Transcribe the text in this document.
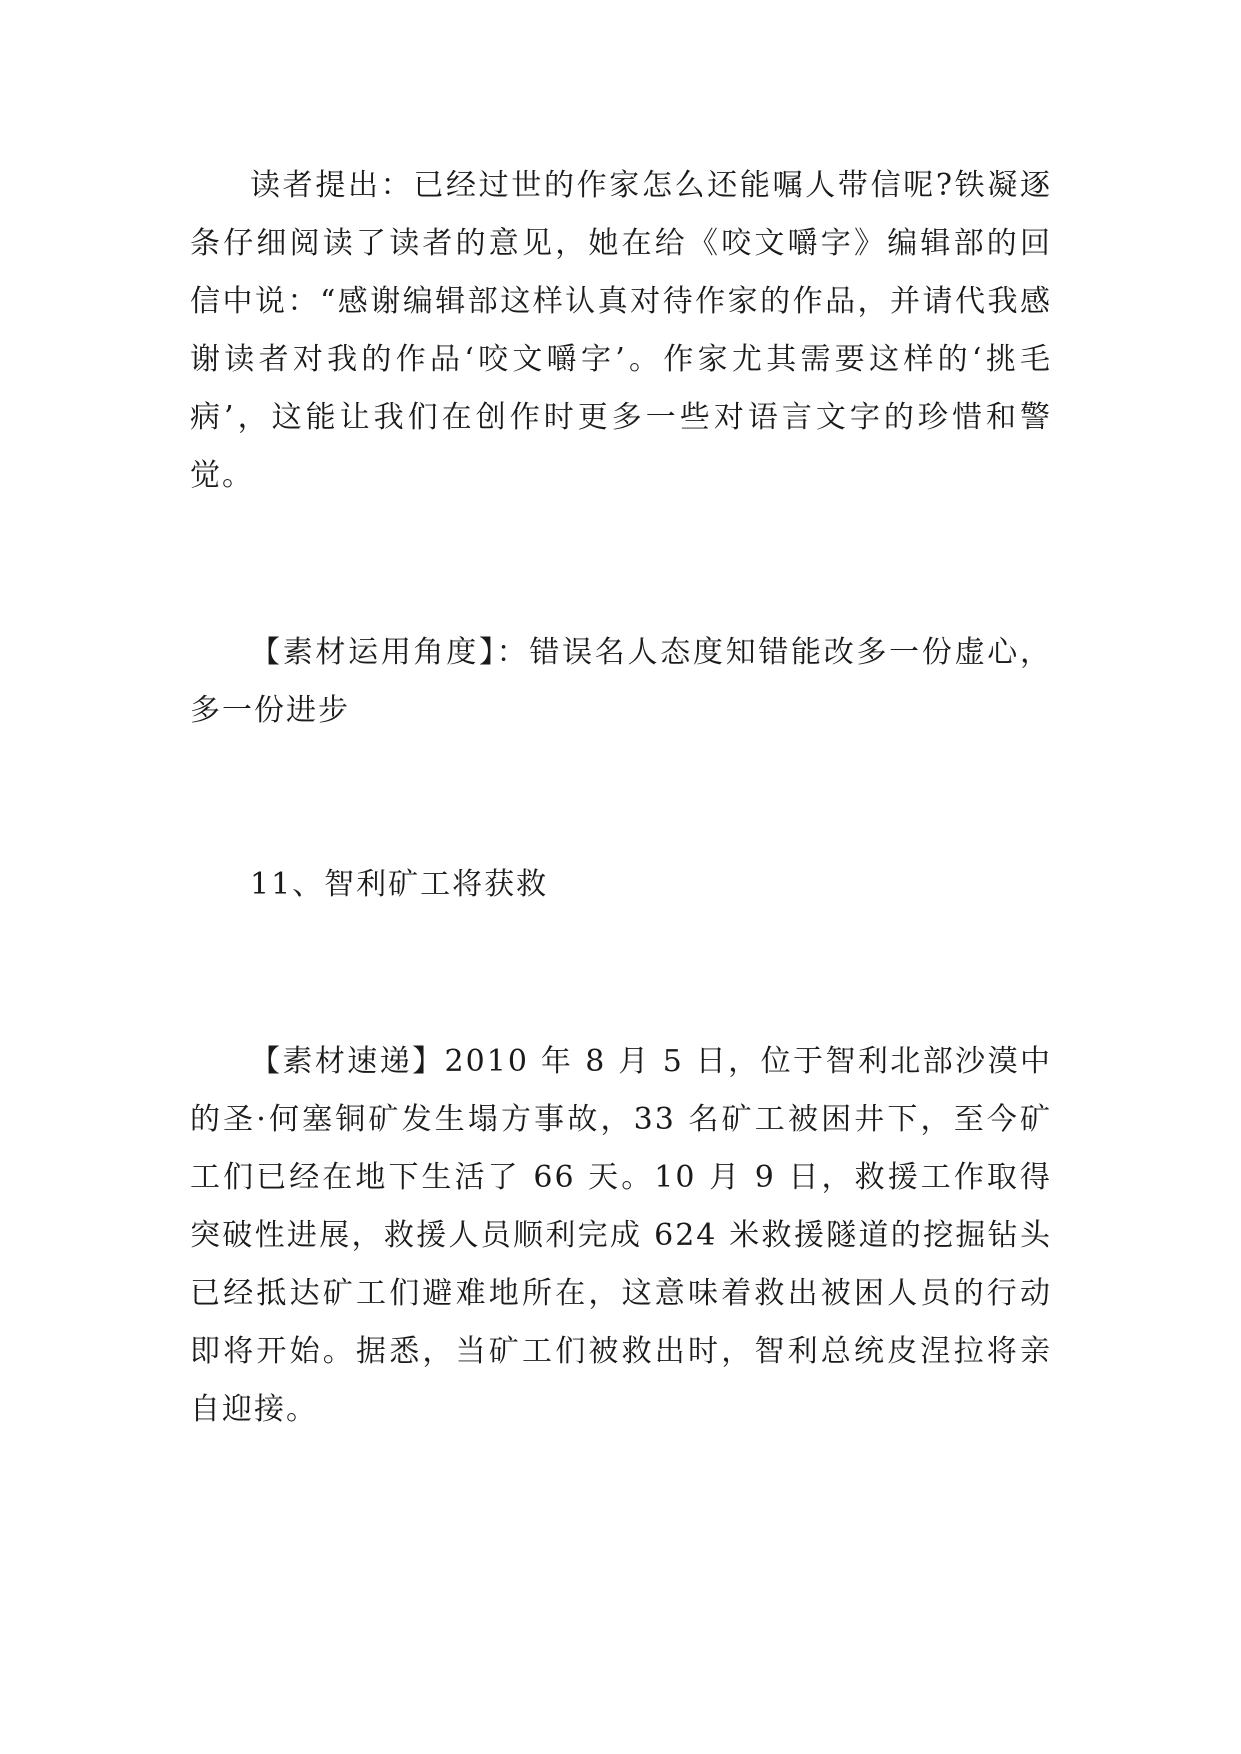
读者提出：已经过世的作家怎么还能嘱人带信呢?铁凝逐条仔细阅读了读者的意见，她在给《咬文嚼字》编辑部的回信中说：“感谢编辑部这样认真对待作家的作品，并请代我感谢读者对我的作品‘咬文嚼字’。作家尤其需要这样的‘挑毛病’，这能让我们在创作时更多一些对语言文字的珍惜和警觉。

【素材运用角度】：错误名人态度知错能改多一份虚心，多一份进步

11、智利矿工将获救

【素材速递】2010 年 8 月 5 日，位于智利北部沙漠中的圣·何塞铜矿发生塌方事故，33 名矿工被困井下，至今矿工们已经在地下生活了 66 天。10 月 9 日，救援工作取得突破性进展，救援人员顺利完成 624 米救援隧道的挖掘钻头已经抵达矿工们避难地所在，这意味着救出被困人员的行动即将开始。据悉，当矿工们被救出时，智利总统皮涅拉将亲自迎接。
